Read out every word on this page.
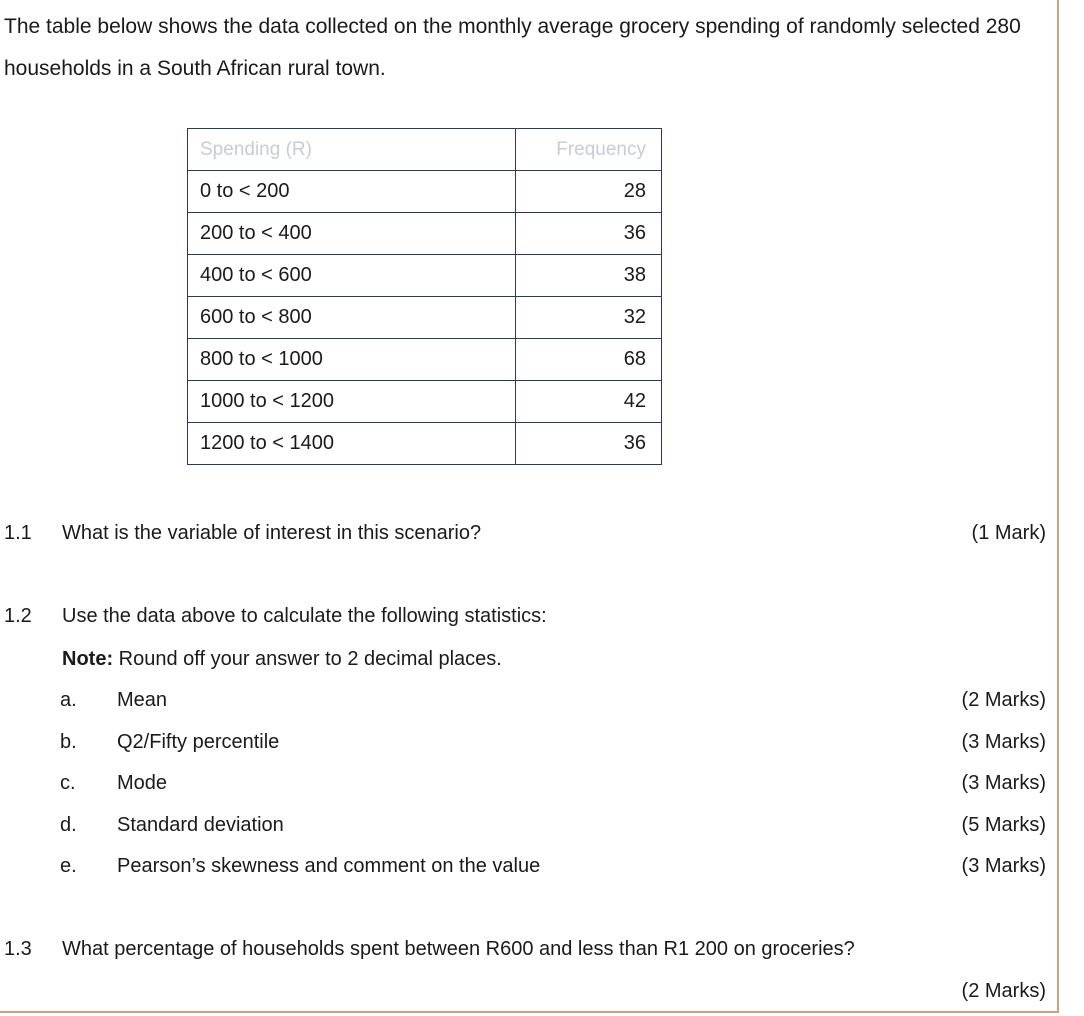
The table below shows the data collected on the monthly average grocery spending of randomly selected 280 households in a South African rural town.
Spending (R)	Frequency
0 to < 200	28
200 to < 400	36
400 to < 600	38
600 to < 800	32
800 to < 1000	68
1000 to < 1200	42
1200 to < 1400	36
1.1 What is the variable of interest in this scenario?	(1 Mark)
1.2 Use the data above to calculate the following statistics:
Note: Round off your answer to 2 decimal places.
a. Mean	(2 Marks)
b. Q2/Fifty percentile	(3 Marks)
c. Mode	(3 Marks)
d. Standard deviation	(5 Marks)
e. Pearson’s skewness and comment on the value	(3 Marks)
1.3 What percentage of households spent between R600 and less than R1 200 on groceries?
(2 Marks)
